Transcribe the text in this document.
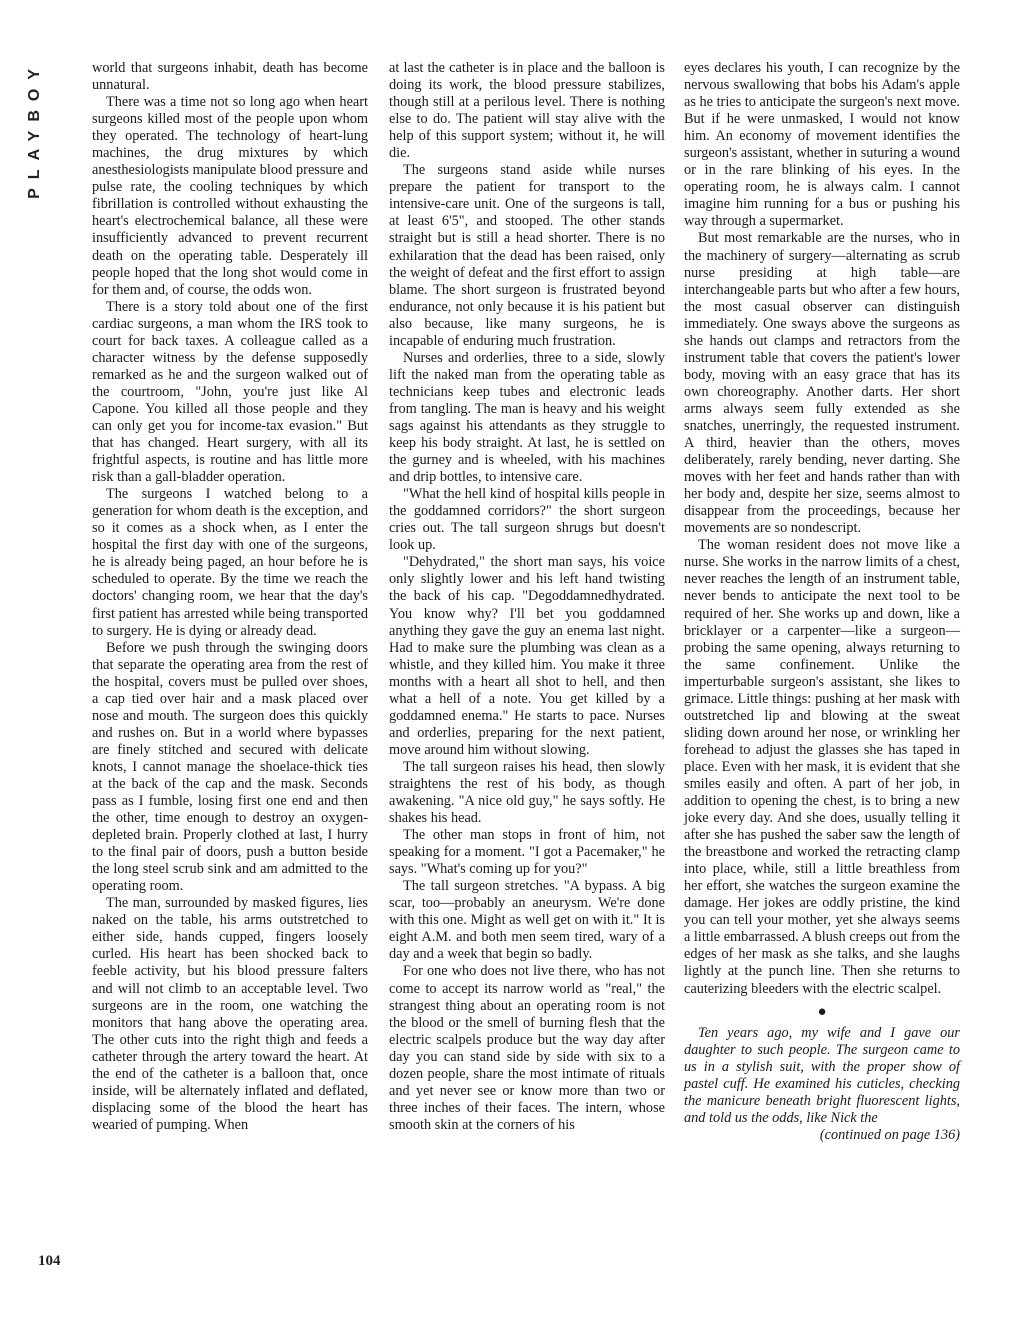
PLAYBOY
104

world that surgeons inhabit, death has become unnatural.

There was a time not so long ago when heart surgeons killed most of the people upon whom they operated. The technology of heart-lung machines, the drug mixtures by which anesthesiologists manipulate blood pressure and pulse rate, the cooling techniques by which fibrillation is controlled without exhausting the heart's electrochemical balance, all these were insufficiently advanced to prevent recurrent death on the operating table. Desperately ill people hoped that the long shot would come in for them and, of course, the odds won.

There is a story told about one of the first cardiac surgeons, a man whom the IRS took to court for back taxes. A colleague called as a character witness by the defense supposedly remarked as he and the surgeon walked out of the courtroom, "John, you're just like Al Capone. You killed all those people and they can only get you for income-tax evasion." But that has changed. Heart surgery, with all its frightful aspects, is routine and has little more risk than a gall-bladder operation.

The surgeons I watched belong to a generation for whom death is the exception, and so it comes as a shock when, as I enter the hospital the first day with one of the surgeons, he is already being paged, an hour before he is scheduled to operate. By the time we reach the doctors' changing room, we hear that the day's first patient has arrested while being transported to surgery. He is dying or already dead.

Before we push through the swinging doors that separate the operating area from the rest of the hospital, covers must be pulled over shoes, a cap tied over hair and a mask placed over nose and mouth. The surgeon does this quickly and rushes on. But in a world where bypasses are finely stitched and secured with delicate knots, I cannot manage the shoelace-thick ties at the back of the cap and the mask. Seconds pass as I fumble, losing first one end and then the other, time enough to destroy an oxygen-depleted brain. Properly clothed at last, I hurry to the final pair of doors, push a button beside the long steel scrub sink and am admitted to the operating room.

The man, surrounded by masked figures, lies naked on the table, his arms outstretched to either side, hands cupped, fingers loosely curled. His heart has been shocked back to feeble activity, but his blood pressure falters and will not climb to an acceptable level. Two surgeons are in the room, one watching the monitors that hang above the operating area. The other cuts into the right thigh and feeds a catheter through the artery toward the heart. At the end of the catheter is a balloon that, once inside, will be alternately inflated and deflated, displacing some of the blood the heart has wearied of pumping. When

at last the catheter is in place and the balloon is doing its work, the blood pressure stabilizes, though still at a perilous level. There is nothing else to do. The patient will stay alive with the help of this support system; without it, he will die.

The surgeons stand aside while nurses prepare the patient for transport to the intensive-care unit. One of the surgeons is tall, at least 6'5", and stooped. The other stands straight but is still a head shorter. There is no exhilaration that the dead has been raised, only the weight of defeat and the first effort to assign blame. The short surgeon is frustrated beyond endurance, not only because it is his patient but also because, like many surgeons, he is incapable of enduring much frustration.

Nurses and orderlies, three to a side, slowly lift the naked man from the operating table as technicians keep tubes and electronic leads from tangling. The man is heavy and his weight sags against his attendants as they struggle to keep his body straight. At last, he is settled on the gurney and is wheeled, with his machines and drip bottles, to intensive care.

"What the hell kind of hospital kills people in the goddamned corridors?" the short surgeon cries out. The tall surgeon shrugs but doesn't look up.

"Dehydrated," the short man says, his voice only slightly lower and his left hand twisting the back of his cap. "Degoddamnedhydrated. You know why? I'll bet you goddamned anything they gave the guy an enema last night. Had to make sure the plumbing was clean as a whistle, and they killed him. You make it three months with a heart all shot to hell, and then what a hell of a note. You get killed by a goddamned enema." He starts to pace. Nurses and orderlies, preparing for the next patient, move around him without slowing.

The tall surgeon raises his head, then slowly straightens the rest of his body, as though awakening. "A nice old guy," he says softly. He shakes his head.

The other man stops in front of him, not speaking for a moment. "I got a Pacemaker," he says. "What's coming up for you?"

The tall surgeon stretches. "A bypass. A big scar, too—probably an aneurysm. We're done with this one. Might as well get on with it." It is eight A.M. and both men seem tired, wary of a day and a week that begin so badly.

For one who does not live there, who has not come to accept its narrow world as "real," the strangest thing about an operating room is not the blood or the smell of burning flesh that the electric scalpels produce but the way day after day you can stand side by side with six to a dozen people, share the most intimate of rituals and yet never see or know more than two or three inches of their faces. The intern, whose smooth skin at the corners of his

eyes declares his youth, I can recognize by the nervous swallowing that bobs his Adam's apple as he tries to anticipate the surgeon's next move. But if he were unmasked, I would not know him. An economy of movement identifies the surgeon's assistant, whether in suturing a wound or in the rare blinking of his eyes. In the operating room, he is always calm. I cannot imagine him running for a bus or pushing his way through a supermarket.

But most remarkable are the nurses, who in the machinery of surgery—alternating as scrub nurse presiding at high table—are interchangeable parts but who after a few hours, the most casual observer can distinguish immediately. One sways above the surgeons as she hands out clamps and retractors from the instrument table that covers the patient's lower body, moving with an easy grace that has its own choreography. Another darts. Her short arms always seem fully extended as she snatches, unerringly, the requested instrument. A third, heavier than the others, moves deliberately, rarely bending, never darting. She moves with her feet and hands rather than with her body and, despite her size, seems almost to disappear from the proceedings, because her movements are so nondescript.

The woman resident does not move like a nurse. She works in the narrow limits of a chest, never reaches the length of an instrument table, never bends to anticipate the next tool to be required of her. She works up and down, like a bricklayer or a carpenter—like a surgeon—probing the same opening, always returning to the same confinement. Unlike the imperturbable surgeon's assistant, she likes to grimace. Little things: pushing at her mask with outstretched lip and blowing at the sweat sliding down around her nose, or wrinkling her forehead to adjust the glasses she has taped in place. Even with her mask, it is evident that she smiles easily and often. A part of her job, in addition to opening the chest, is to bring a new joke every day. And she does, usually telling it after she has pushed the saber saw the length of the breastbone and worked the retracting clamp into place, while, still a little breathless from her effort, she watches the surgeon examine the damage. Her jokes are oddly pristine, the kind you can tell your mother, yet she always seems a little embarrassed. A blush creeps out from the edges of her mask as she talks, and she laughs lightly at the punch line. Then she returns to cauterizing bleeders with the electric scalpel.

●

Ten years ago, my wife and I gave our daughter to such people. The surgeon came to us in a stylish suit, with the proper show of pastel cuff. He examined his cuticles, checking the manicure beneath bright fluorescent lights, and told us the odds, like Nick the

(continued on page 136)
